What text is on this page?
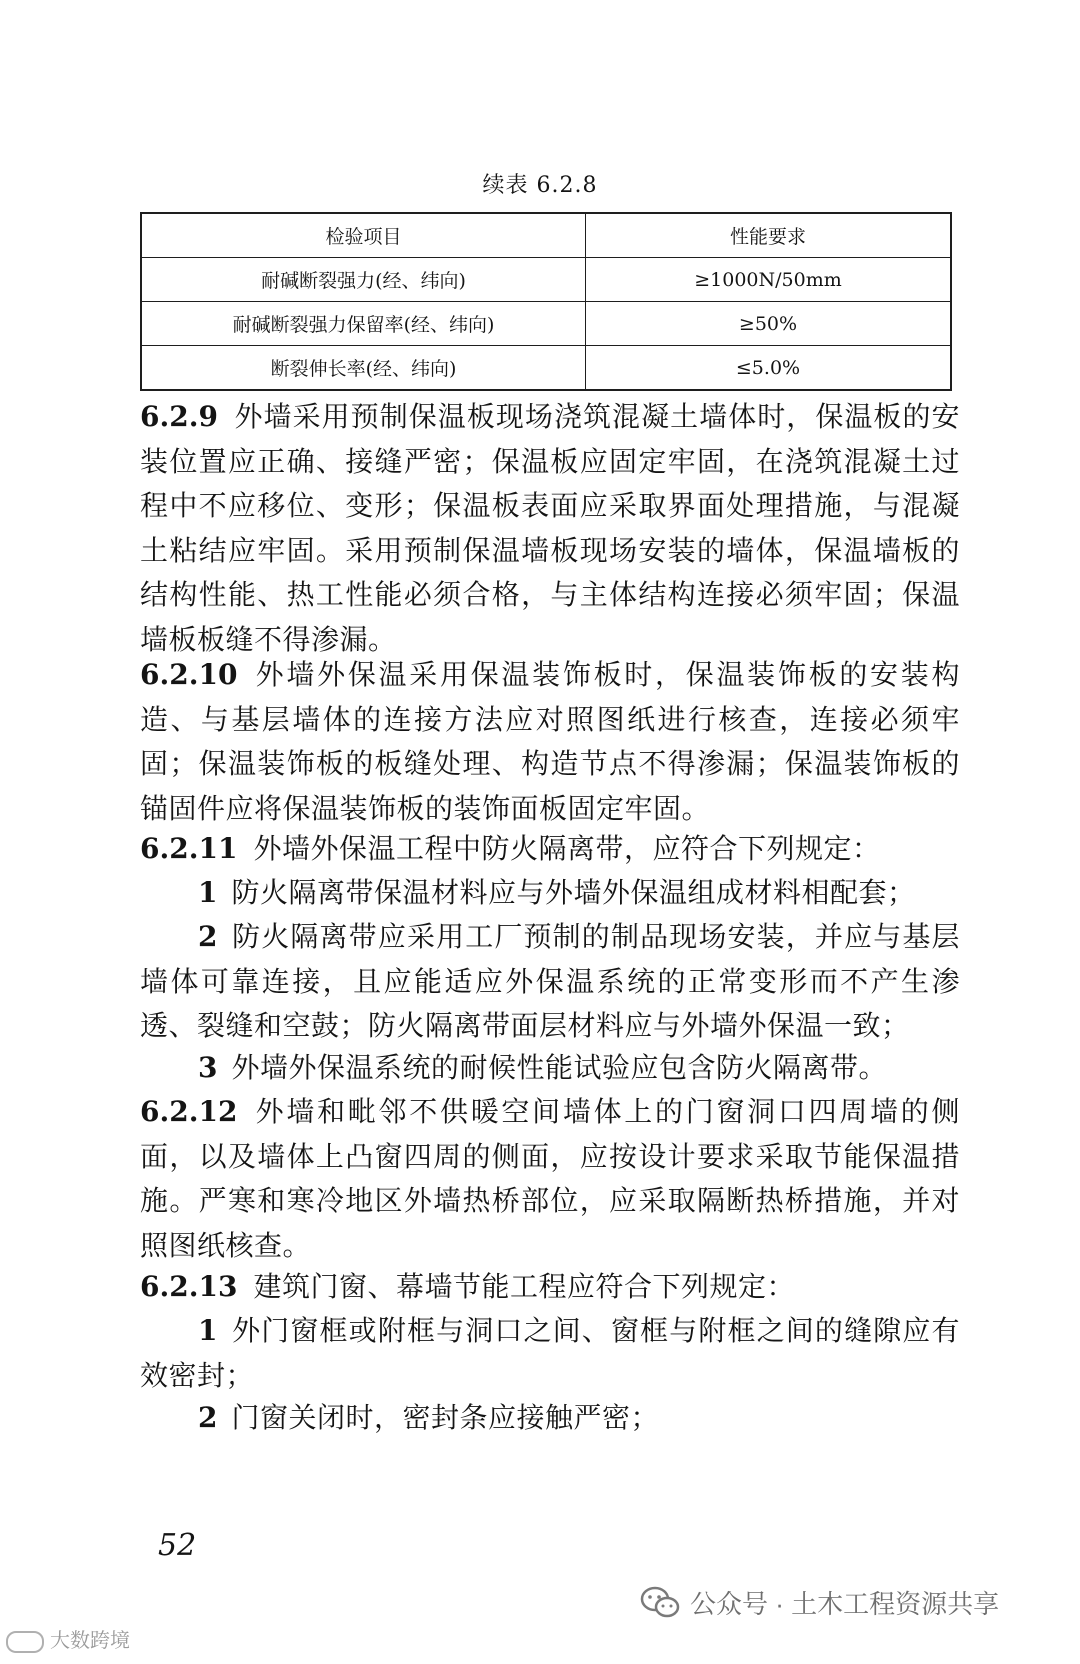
续表 6.2.8
检验项目	性能要求
耐碱断裂强力(经、纬向)	≥1000N/50mm
耐碱断裂强力保留率(经、纬向)	≥50%
断裂伸长率(经、纬向)	≤5.0%
6.2.9 外墙采用预制保温板现场浇筑混凝土墙体时，保温板的安装位置应正确、接缝严密；保温板应固定牢固，在浇筑混凝土过程中不应移位、变形；保温板表面应采取界面处理措施，与混凝土粘结应牢固。采用预制保温墙板现场安装的墙体，保温墙板的结构性能、热工性能必须合格，与主体结构连接必须牢固；保温墙板板缝不得渗漏。
6.2.10 外墙外保温采用保温装饰板时，保温装饰板的安装构造、与基层墙体的连接方法应对照图纸进行核查，连接必须牢固；保温装饰板的板缝处理、构造节点不得渗漏；保温装饰板的锚固件应将保温装饰板的装饰面板固定牢固。
6.2.11 外墙外保温工程中防火隔离带，应符合下列规定：
1 防火隔离带保温材料应与外墙外保温组成材料相配套；
2 防火隔离带应采用工厂预制的制品现场安装，并应与基层墙体可靠连接，且应能适应外保温系统的正常变形而不产生渗透、裂缝和空鼓；防火隔离带面层材料应与外墙外保温一致；
3 外墙外保温系统的耐候性能试验应包含防火隔离带。
6.2.12 外墙和毗邻不供暖空间墙体上的门窗洞口四周墙的侧面，以及墙体上凸窗四周的侧面，应按设计要求采取节能保温措施。严寒和寒冷地区外墙热桥部位，应采取隔断热桥措施，并对照图纸核查。
6.2.13 建筑门窗、幕墙节能工程应符合下列规定：
1 外门窗框或附框与洞口之间、窗框与附框之间的缝隙应有效密封；
2 门窗关闭时，密封条应接触严密；
52
大数跨境
公众号 · 土木工程资源共享
